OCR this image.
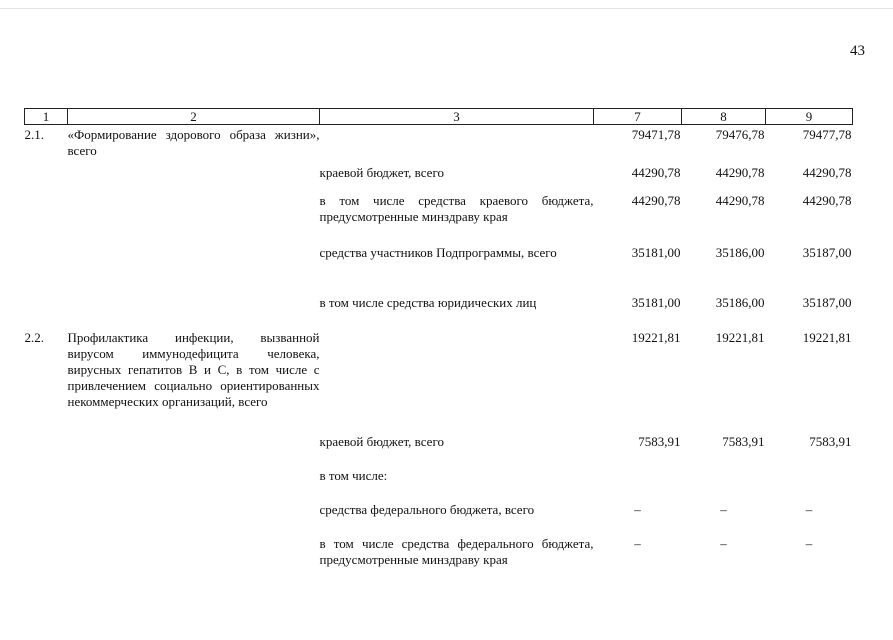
43
1	2	3	7	8	9
2.1.	«Формирование здорового образа жизни», всего		79471,78	79476,78	79477,78
		краевой бюджет, всего	44290,78	44290,78	44290,78
		в том числе средства краевого бюджета, предусмотренные минздраву края	44290,78	44290,78	44290,78
		средства участников Подпрограммы, всего	35181,00	35186,00	35187,00
		в том числе средства юридических лиц	35181,00	35186,00	35187,00
2.2.	Профилактика инфекции, вызванной вирусом иммунодефицита человека, вирусных гепатитов В и С, в том числе с привлечением социально ориентированных некоммерческих организаций, всего		19221,81	19221,81	19221,81
		краевой бюджет, всего	7583,91	7583,91	7583,91
		в том числе:			
		средства федерального бюджета, всего	–	–	–
		в том числе средства федерального бюджета, предусмотренные минздраву края	–	–	–
